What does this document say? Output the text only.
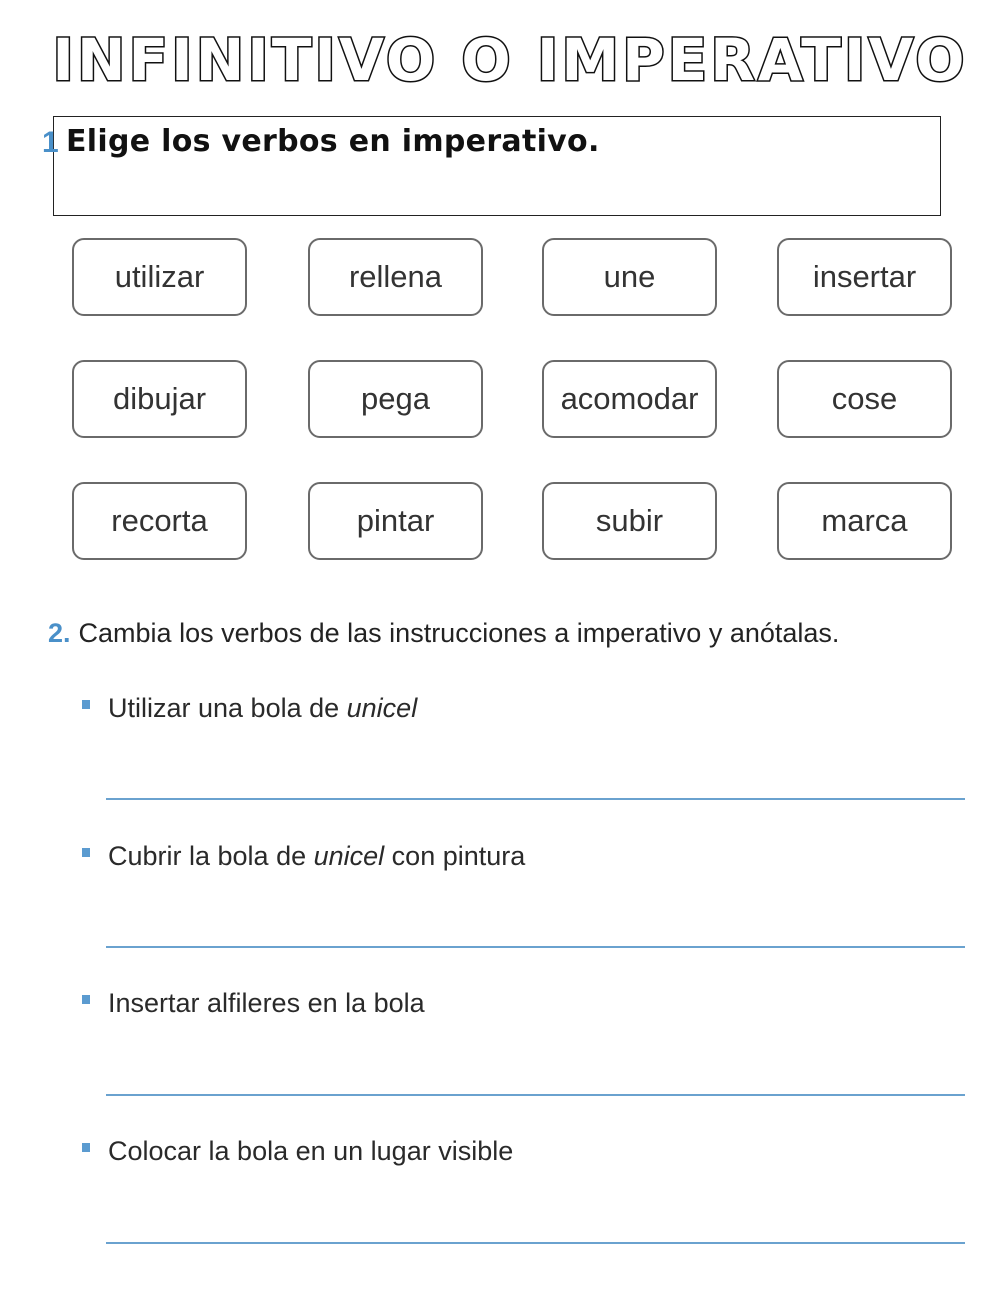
INFINITIVO O IMPERATIVO
1 Elige los verbos en imperativo.
utilizar	rellena	une	insertar
dibujar	pega	acomodar	cose
recorta	pintar	subir	marca
2. Cambia los verbos de las instrucciones a imperativo y anótalas.
Utilizar una bola de unicel
Cubrir la bola de unicel con pintura
Insertar alfileres en la bola
Colocar la bola en un lugar visible
